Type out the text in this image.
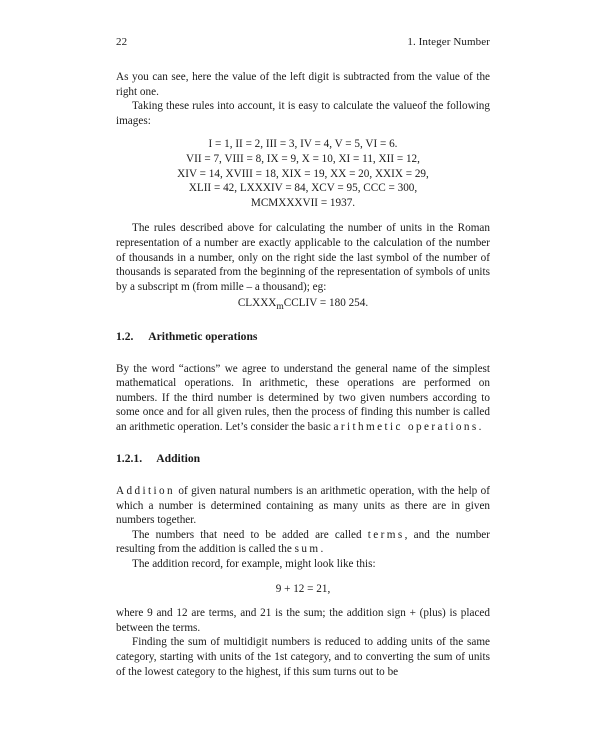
22	1. Integer Number

As you can see, here the value of the left digit is subtracted from the value of the right one.

Taking these rules into account, it is easy to calculate the valueof the following images:

I = 1, II = 2, III = 3, IV = 4, V = 5, VI = 6.

VII = 7, VIII = 8, IX = 9, X = 10, XI = 11, XII = 12,

XIV = 14, XVIII = 18, XIX = 19, XX = 20, XXIX = 29,

XLII = 42, LXXXIV = 84, XCV = 95, CCC = 300,

MCMXXXVII = 1937.

The rules described above for calculating the number of units in the Roman representation of a number are exactly applicable to the calculation of the number of thousands in a number, only on the right side the last symbol of the number of thousands is separated from the beginning of the representation of symbols of units by a subscript m (from mille – a thousand); eg:

$CLXXX_mCCLIV = 180$ 254.

1.2. Arithmetic operations

By the word “actions” we agree to understand the general name of the simplest mathematical operations. In arithmetic, these operations are performed on numbers. If the third number is determined by two given numbers according to some once and for all given rules, then the process of finding this number is called an arithmetic operation. Let’s consider the basic arithmetic operations.

1.2.1. Addition

Addition of given natural numbers is an arithmetic operation, with the help of which a number is determined containing as many units as there are in given numbers together.

The numbers that need to be added are called terms, and the number resulting from the addition is called the sum.

The addition record, for example, might look like this:

9 + 12 = 21,

where 9 and 12 are terms, and 21 is the sum; the addition sign + (plus) is placed between the terms.

Finding the sum of multidigit numbers is reduced to adding units of the same category, starting with units of the 1st category, and to converting the sum of units of the lowest category to the highest, if this sum turns out to be
